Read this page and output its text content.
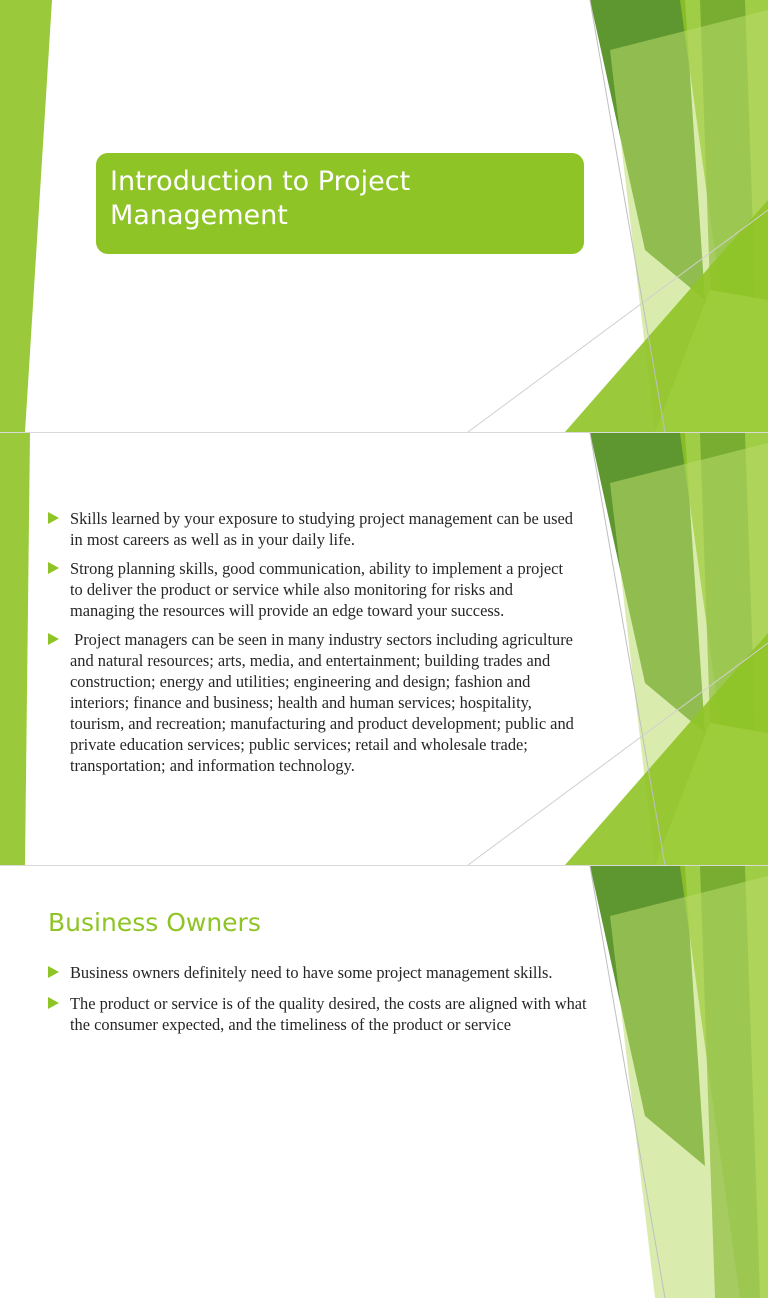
Introduction to Project Management
Skills learned by your exposure to studying project management can be used in most careers as well as in your daily life.
Strong planning skills, good communication, ability to implement a project to deliver the product or service while also monitoring for risks and managing the resources will provide an edge toward your success.
Project managers can be seen in many industry sectors including agriculture and natural resources; arts, media, and entertainment; building trades and construction; energy and utilities; engineering and design; fashion and interiors; finance and business; health and human services; hospitality, tourism, and recreation; manufacturing and product development; public and private education services; public services; retail and wholesale trade; transportation; and information technology.
Business Owners
Business owners definitely need to have some project management skills.
The product or service is of the quality desired, the costs are aligned with what the consumer expected, and the timeliness of the product or service
